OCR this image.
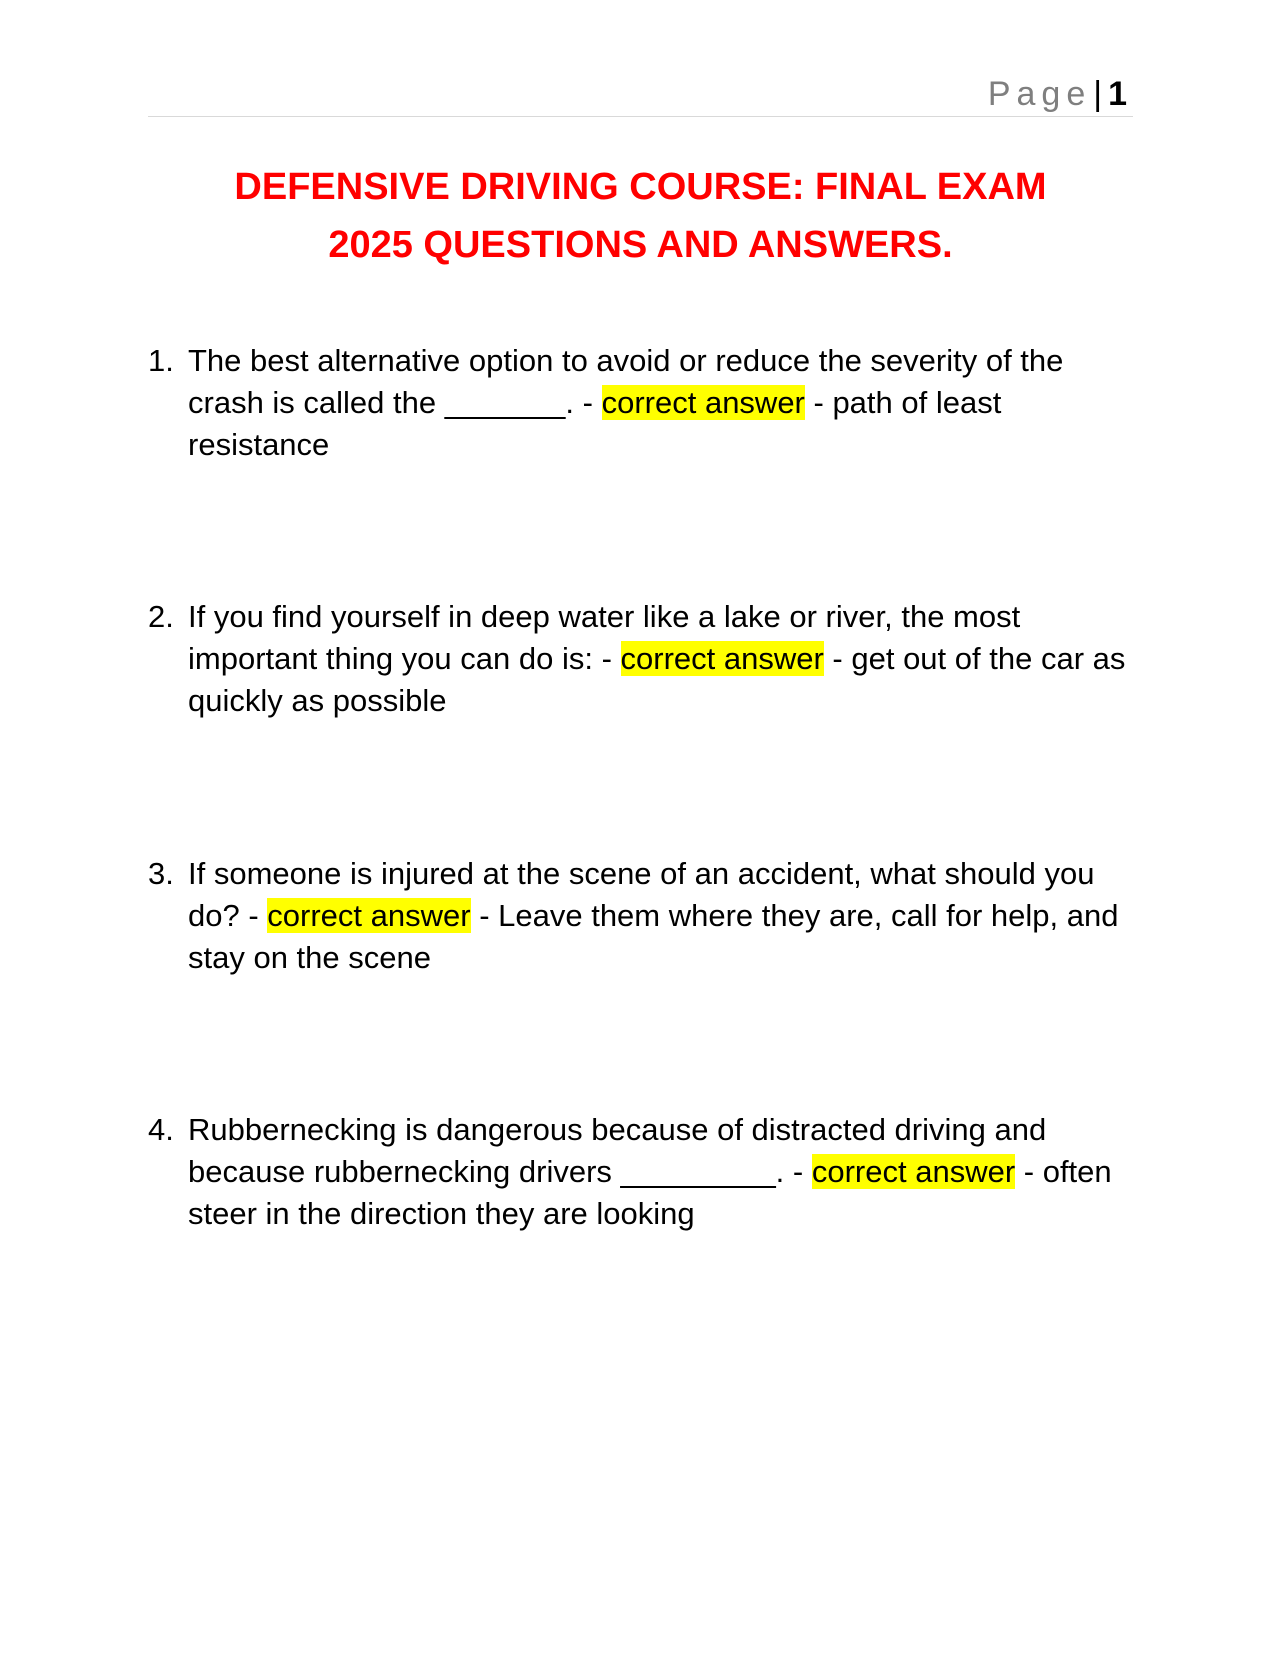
Page| 1
DEFENSIVE DRIVING COURSE: FINAL EXAM
2025 QUESTIONS AND ANSWERS.
1. The best alternative option to avoid or reduce the severity of the crash is called the _______. - correct answer - path of least resistance
2. If you find yourself in deep water like a lake or river, the most important thing you can do is: - correct answer - get out of the car as quickly as possible
3. If someone is injured at the scene of an accident, what should you do? - correct answer - Leave them where they are, call for help, and stay on the scene
4. Rubbernecking is dangerous because of distracted driving and because rubbernecking drivers _________. - correct answer - often steer in the direction they are looking
